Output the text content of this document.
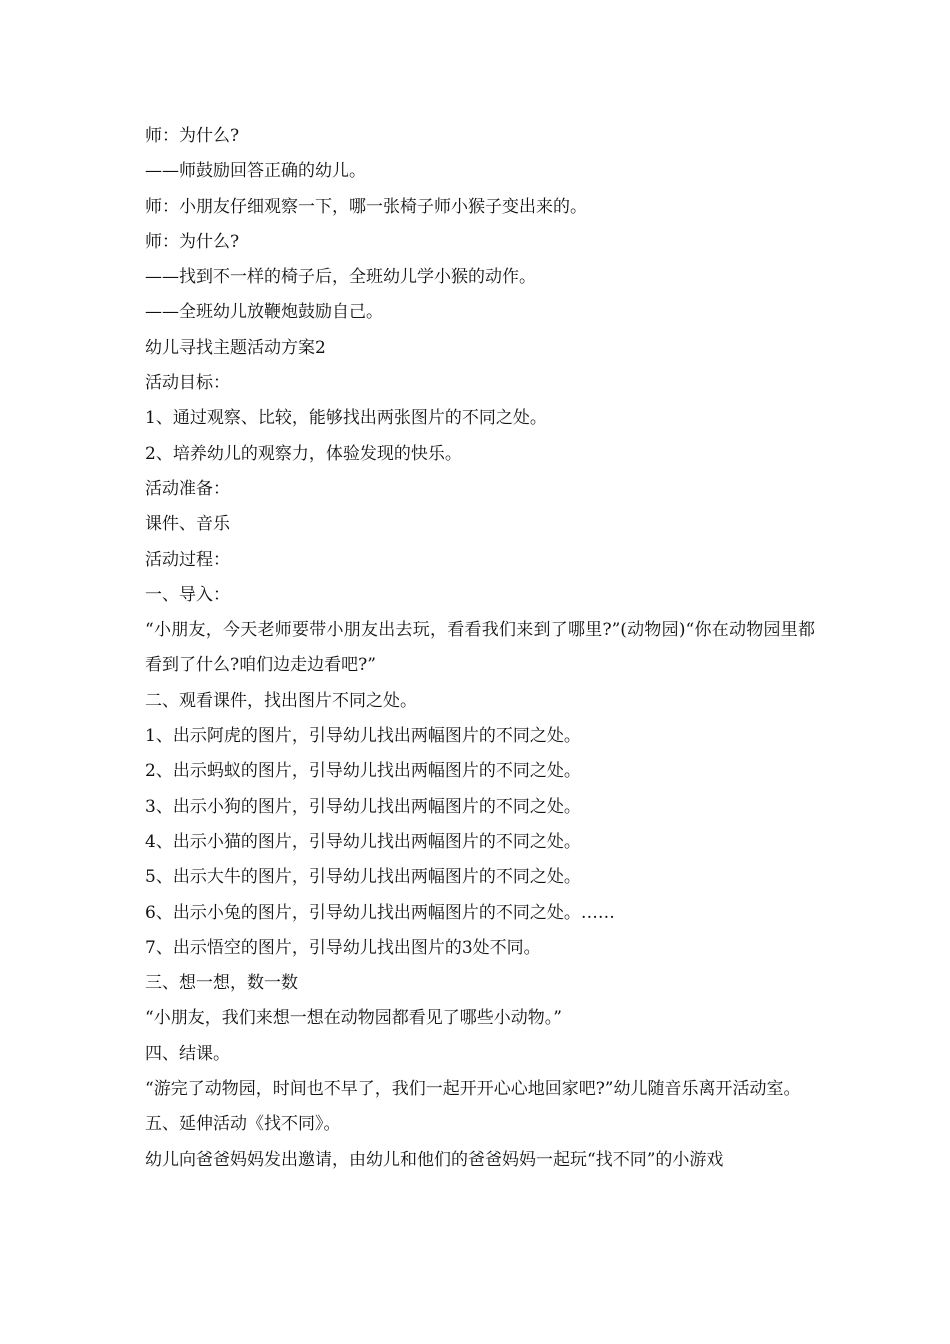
师：为什么?
——师鼓励回答正确的幼儿。
师：小朋友仔细观察一下，哪一张椅子师小猴子变出来的。
师：为什么?
——找到不一样的椅子后，全班幼儿学小猴的动作。
——全班幼儿放鞭炮鼓励自己。
幼儿寻找主题活动方案2
活动目标：
1、通过观察、比较，能够找出两张图片的不同之处。
2、培养幼儿的观察力，体验发现的快乐。
活动准备：
课件、音乐
活动过程：
一、导入：
“小朋友，今天老师要带小朋友出去玩，看看我们来到了哪里?”(动物园)“你在动物园里都看到了什么?咱们边走边看吧?”
二、观看课件，找出图片不同之处。
1、出示阿虎的图片，引导幼儿找出两幅图片的不同之处。
2、出示蚂蚁的图片，引导幼儿找出两幅图片的不同之处。
3、出示小狗的图片，引导幼儿找出两幅图片的不同之处。
4、出示小猫的图片，引导幼儿找出两幅图片的不同之处。
5、出示大牛的图片，引导幼儿找出两幅图片的不同之处。
6、出示小兔的图片，引导幼儿找出两幅图片的不同之处。……
7、出示悟空的图片，引导幼儿找出图片的3处不同。
三、想一想，数一数
“小朋友，我们来想一想在动物园都看见了哪些小动物。”
四、结课。
“游完了动物园，时间也不早了，我们一起开开心心地回家吧?”幼儿随音乐离开活动室。
五、延伸活动《找不同》。
幼儿向爸爸妈妈发出邀请，由幼儿和他们的爸爸妈妈一起玩“找不同”的小游戏
